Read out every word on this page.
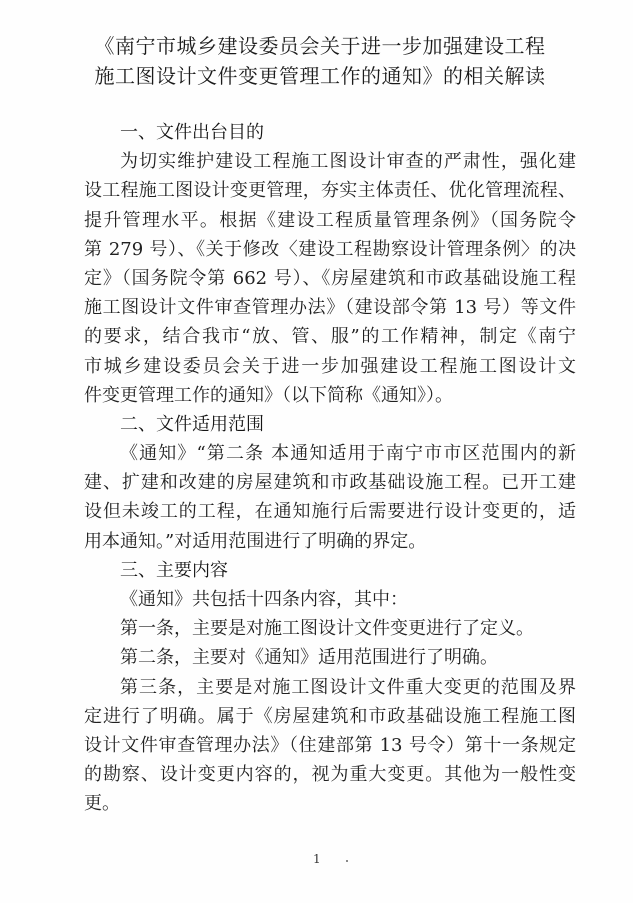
《南宁市城乡建设委员会关于进一步加强建设工程
施工图设计文件变更管理工作的通知》的相关解读
一、文件出台目的
为切实维护建设工程施工图设计审查的严肃性，强化建
设工程施工图设计变更管理，夯实主体责任、优化管理流程、
提升管理水平。根据《建设工程质量管理条例》（国务院令
第 279 号）、《关于修改〈建设工程勘察设计管理条例〉的决
定》（国务院令第 662 号）、《房屋建筑和市政基础设施工程
施工图设计文件审查管理办法》（建设部令第 13 号）等文件
的要求，结合我市“放、管、服”的工作精神，制定《南宁
市城乡建设委员会关于进一步加强建设工程施工图设计文
件变更管理工作的通知》（以下简称《通知》）。
二、文件适用范围
《通知》“第二条 本通知适用于南宁市市区范围内的新
建、扩建和改建的房屋建筑和市政基础设施工程。已开工建
设但未竣工的工程，在通知施行后需要进行设计变更的，适
用本通知。”对适用范围进行了明确的界定。
三、主要内容
《通知》共包括十四条内容，其中：
第一条，主要是对施工图设计文件变更进行了定义。
第二条，主要对《通知》适用范围进行了明确。
第三条，主要是对施工图设计文件重大变更的范围及界
定进行了明确。属于《房屋建筑和市政基础设施工程施工图
设计文件审查管理办法》（住建部第 13 号令）第十一条规定
的勘察、设计变更内容的，视为重大变更。其他为一般性变
更。
1
